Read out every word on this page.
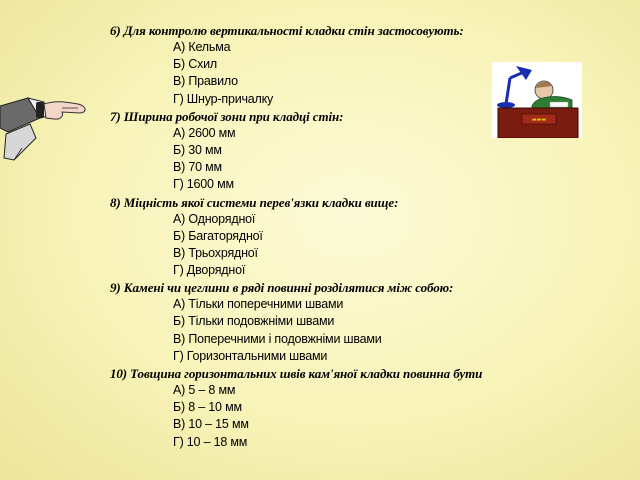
▬▬▬
6) Для контролю вертикальності кладки стін застосовують:
А) Кельма
Б) Схил
В) Правило
Г) Шнур-причалку
7) Ширина робочої зони при кладці стін:
А) 2600 мм
Б) 30 мм
В) 70 мм
Г) 1600 мм
8) Міцність якої системи перев'язки кладки вище:
А) Однорядної
Б) Багаторядної
В) Трьохрядної
Г) Дворядної
9) Камені чи цеглини в ряді повинні розділятися між собою:
А) Тільки поперечними швами
Б) Тільки подовжніми швами
В) Поперечними і подовжніми швами
Г) Горизонтальними швами
10) Товщина горизонтальних швів кам'яної кладки повинна бути
А) 5 – 8 мм
Б) 8 – 10 мм
В) 10 – 15 мм
Г) 10 – 18 мм
